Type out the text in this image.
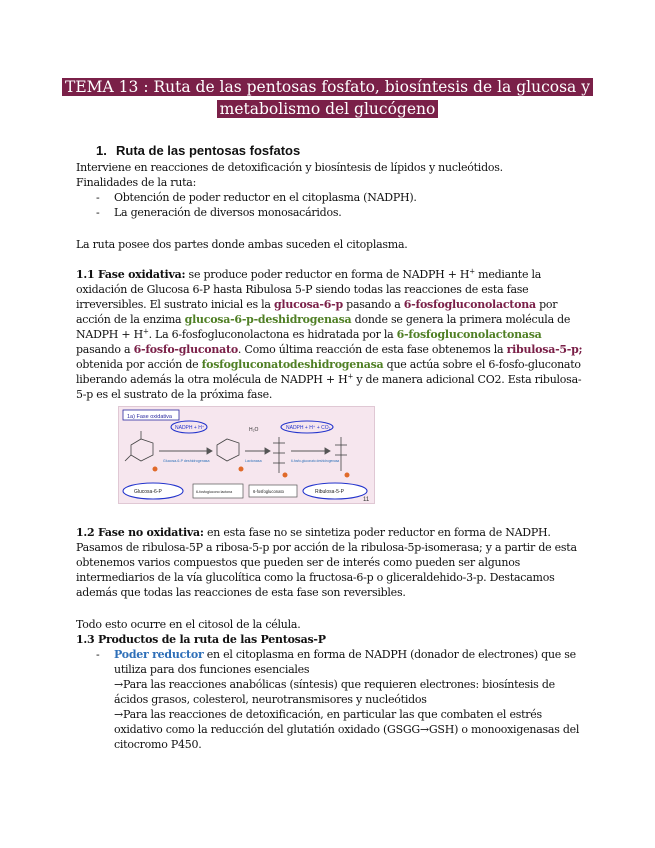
TEMA 13 : Ruta de las pentosas fosfato, biosíntesis de la glucosa y metabolismo del glucógeno
1. Ruta de las pentosas fosfatos

Interviene en reacciones de detoxificación y biosíntesis de lípidos y nucleótidos.

Finalidades de la ruta:

- Obtención de poder reductor en el citoplasma (NADPH).
- La generación de diversos monosacáridos.

La ruta posee dos partes donde ambas suceden el citoplasma.

1.1 Fase oxidativa: se produce poder reductor en forma de NADPH + H+ mediante la oxidación de Glucosa 6-P hasta Ribulosa 5-P siendo todas las reacciones de esta fase irreversibles. El sustrato inicial es la glucosa-6-p pasando a 6-fosfogluconolactona por acción de la enzima glucosa-6-p-deshidrogenasa donde se genera la primera molécula de NADPH + H+. La 6-fosfogluconolactona es hidratada por la 6-fosfogluconolactonasa pasando a 6-fosfo-gluconato. Como última reacción de esta fase obtenemos la ribulosa-5-p; obtenida por acción de fosfogluconatodeshidrogenasa que actúa sobre el 6-fosfo-gluconato liberando además la otra molécula de NADPH + H+ y de manera adicional CO2. Esta ribulosa- 5-p es el sustrato de la próxima fase.

1a) Fase oxidativa
NADPH + H⁺	NADPH + H⁺ + CO₂
H₂O
Glucosa-6-P deshidrogenasa	Lactonasa	6-fosfo-gluconato deshidrogenasa
Glucosa-6-P	6-fosfoglucono lactona	6-fosfogluconato	Ribulosa-5-P
11

1.2 Fase no oxidativa: en esta fase no se sintetiza poder reductor en forma de NADPH. Pasamos de ribulosa-5P a ribosa-5-p por acción de la ribulosa-5p-isomerasa; y a partir de esta obtenemos varios compuestos que pueden ser de interés como pueden ser algunos intermediarios de la vía glucolítica como la fructosa-6-p o gliceraldehido-3-p. Destacamos además que todas las reacciones de esta fase son reversibles.

Todo esto ocurre en el citosol de la célula.

1.3 Productos de la ruta de las Pentosas-P

- Poder reductor en el citoplasma en forma de NADPH (donador de electrones) que se utiliza para dos funciones esenciales

→Para las reacciones anabólicas (síntesis) que requieren electrones: biosíntesis de ácidos grasos, colesterol, neurotransmisores y nucleótidos

→Para las reacciones de detoxificación, en particular las que combaten el estrés oxidativo como la reducción del glutatión oxidado (GSGG→GSH) o monooxigenasas del citocromo P450.
